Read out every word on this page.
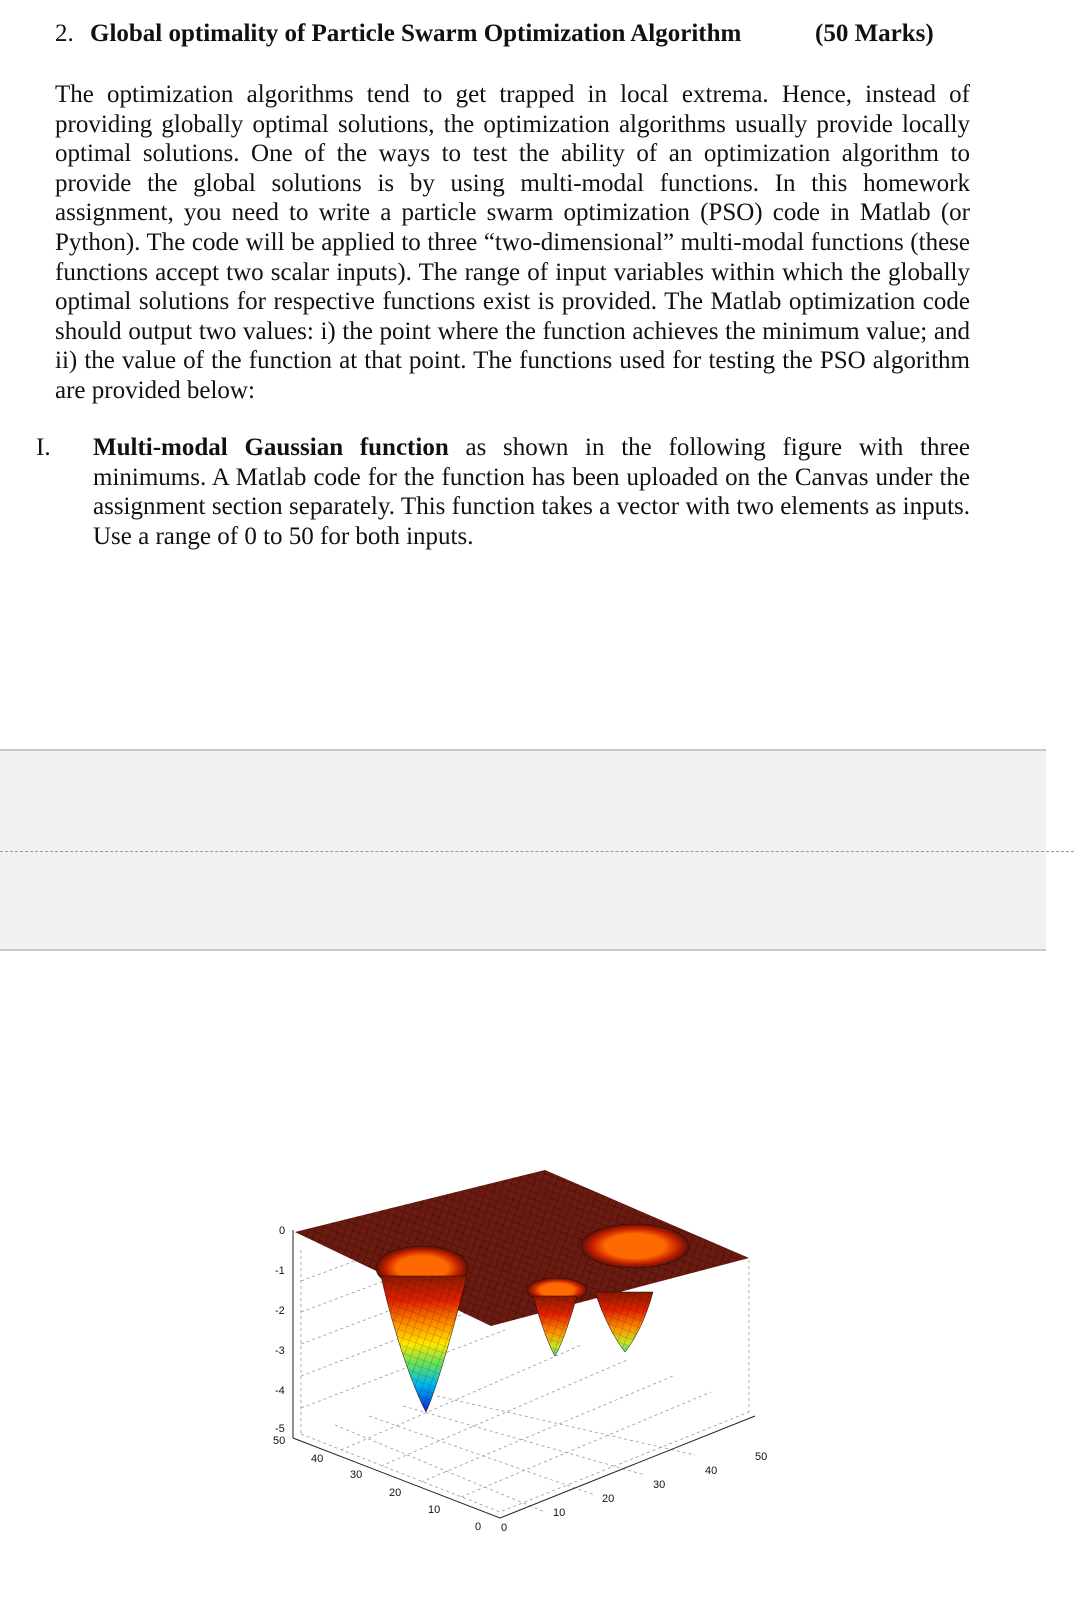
2. Global optimality of Particle Swarm Optimization Algorithm	(50 Marks)

The optimization algorithms tend to get trapped in local extrema. Hence, instead of providing globally optimal solutions, the optimization algorithms usually provide locally optimal solutions. One of the ways to test the ability of an optimization algorithm to provide the global solutions is by using multi-modal functions. In this homework assignment, you need to write a particle swarm optimization (PSO) code in Matlab (or Python). The code will be applied to three “two-dimensional” multi-modal functions (these functions accept two scalar inputs). The range of input variables within which the globally optimal solutions for respective functions exist is provided. The Matlab optimization code should output two values: i) the point where the function achieves the minimum value; and ii) the value of the function at that point. The functions used for testing the PSO algorithm are provided below:

I. Multi-modal Gaussian function as shown in the following figure with three minimums. A Matlab code for the function has been uploaded on the Canvas under the assignment section separately. This function takes a vector with two elements as inputs. Use a range of 0 to 50 for both inputs.

0
-1
-2
-3
-4
-5
50
40
30
20
10
0 0
10
20
30
40
50
